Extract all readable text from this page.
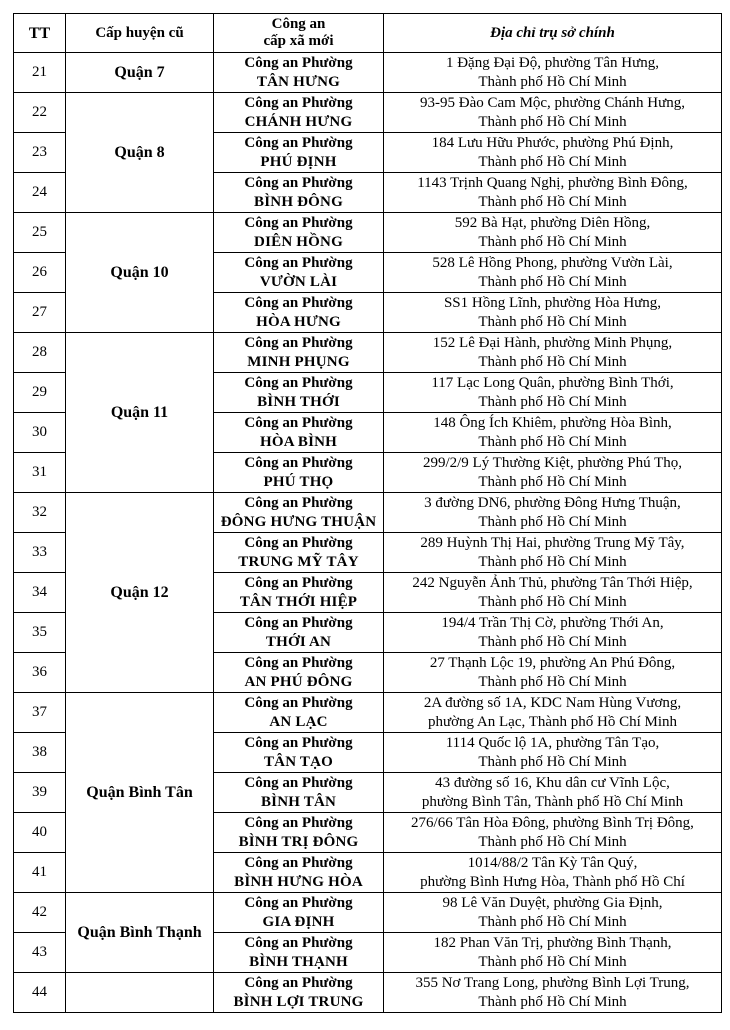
TT	Cấp huyện cũ	Công an
cấp xã mới	Địa chỉ trụ sở chính
21	Quận 7	Công an Phường
TÂN HƯNG	1 Đặng Đại Độ, phường Tân Hưng,
Thành phố Hồ Chí Minh

22	Quận 8	Công an Phường
CHÁNH HƯNG	93-95 Đào Cam Mộc, phường Chánh Hưng,
Thành phố Hồ Chí Minh

23		Công an Phường
PHÚ ĐỊNH	184 Lưu Hữu Phước, phường Phú Định,
Thành phố Hồ Chí Minh

24		Công an Phường
BÌNH ĐÔNG	1143 Trịnh Quang Nghị, phường Bình Đông,
Thành phố Hồ Chí Minh

25	Quận 10	Công an Phường
DIÊN HỒNG	592 Bà Hạt, phường Diên Hồng,
Thành phố Hồ Chí Minh

26		Công an Phường
VƯỜN LÀI	528 Lê Hồng Phong, phường Vườn Lài,
Thành phố Hồ Chí Minh

27		Công an Phường
HÒA HƯNG	SS1 Hồng Lĩnh, phường Hòa Hưng,
Thành phố Hồ Chí Minh

28	Quận 11	Công an Phường
MINH PHỤNG	152 Lê Đại Hành, phường Minh Phụng,
Thành phố Hồ Chí Minh

29		Công an Phường
BÌNH THỚI	117 Lạc Long Quân, phường Bình Thới,
Thành phố Hồ Chí Minh

30		Công an Phường
HÒA BÌNH	148 Ông Ích Khiêm, phường Hòa Bình,
Thành phố Hồ Chí Minh

31		Công an Phường
PHÚ THỌ	299/2/9 Lý Thường Kiệt, phường Phú Thọ,
Thành phố Hồ Chí Minh

32	Quận 12	Công an Phường
ĐÔNG HƯNG THUẬN	3 đường DN6, phường Đông Hưng Thuận,
Thành phố Hồ Chí Minh

33		Công an Phường
TRUNG MỸ TÂY	289 Huỳnh Thị Hai, phường Trung Mỹ Tây,
Thành phố Hồ Chí Minh

34		Công an Phường
TÂN THỚI HIỆP	242 Nguyễn Ảnh Thủ, phường Tân Thới Hiệp,
Thành phố Hồ Chí Minh

35		Công an Phường
THỚI AN	194/4 Trần Thị Cờ, phường Thới An,
Thành phố Hồ Chí Minh

36		Công an Phường
AN PHÚ ĐÔNG	27 Thạnh Lộc 19, phường An Phú Đông,
Thành phố Hồ Chí Minh

37	Quận Bình Tân	Công an Phường
AN LẠC	2A đường số 1A, KDC Nam Hùng Vương,
phường An Lạc, Thành phố Hồ Chí Minh

38		Công an Phường
TÂN TẠO	1114 Quốc lộ 1A, phường Tân Tạo,
Thành phố Hồ Chí Minh

39		Công an Phường
BÌNH TÂN	43 đường số 16, Khu dân cư Vĩnh Lộc,
phường Bình Tân, Thành phố Hồ Chí Minh

40		Công an Phường
BÌNH TRỊ ĐÔNG	276/66 Tân Hòa Đông, phường Bình Trị Đông,
Thành phố Hồ Chí Minh

41		Công an Phường
BÌNH HƯNG HÒA	1014/88/2 Tân Kỳ Tân Quý,
phường Bình Hưng Hòa, Thành phố Hồ Chí

42	Quận Bình Thạnh	Công an Phường
GIA ĐỊNH	98 Lê Văn Duyệt, phường Gia Định,
Thành phố Hồ Chí Minh

43		Công an Phường
BÌNH THẠNH	182 Phan Văn Trị, phường Bình Thạnh,
Thành phố Hồ Chí Minh

44		Công an Phường
BÌNH LỢI TRUNG	355 Nơ Trang Long, phường Bình Lợi Trung,
Thành phố Hồ Chí Minh
